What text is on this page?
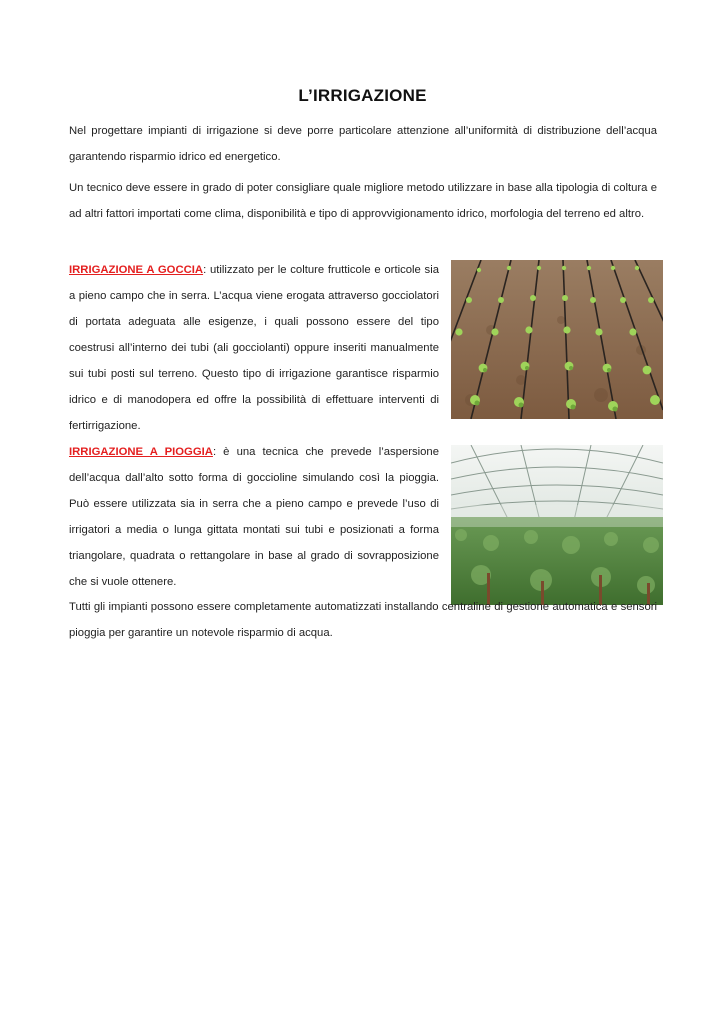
L’IRRIGAZIONE

Nel progettare impianti di irrigazione si deve porre particolare attenzione all’uniformità di distribuzione dell’acqua garantendo risparmio idrico ed energetico.

Un tecnico deve essere in grado di poter consigliare quale migliore metodo utilizzare in base alla tipologia di coltura e ad altri fattori importati come clima, disponibilità e tipo di approvvigionamento idrico, morfologia del terreno ed altro.

IRRIGAZIONE A GOCCIA: utilizzato per le colture frutticole e orticole sia a pieno campo che in serra. L’acqua viene erogata attraverso gocciolatori di portata adeguata alle esigenze, i quali possono essere del tipo coestrusi all’interno dei tubi (ali gocciolanti) oppure inseriti manualmente sui tubi posti sul terreno. Questo tipo di irrigazione garantisce risparmio idrico e di manodopera ed offre la possibilità di effettuare interventi di fertirrigazione.

IRRIGAZIONE A PIOGGIA: è una tecnica che prevede l’aspersione dell’acqua dall’alto sotto forma di goccioline simulando così la pioggia. Può essere utilizzata sia in serra che a pieno campo e prevede l’uso di irrigatori a media o lunga gittata montati sui tubi e posizionati a forma triangolare, quadrata o rettangolare in base al grado di sovrapposizione che si vuole ottenere.

Tutti gli impianti possono essere completamente automatizzati installando centraline di gestione automatica e sensori pioggia per garantire un notevole risparmio di acqua.
